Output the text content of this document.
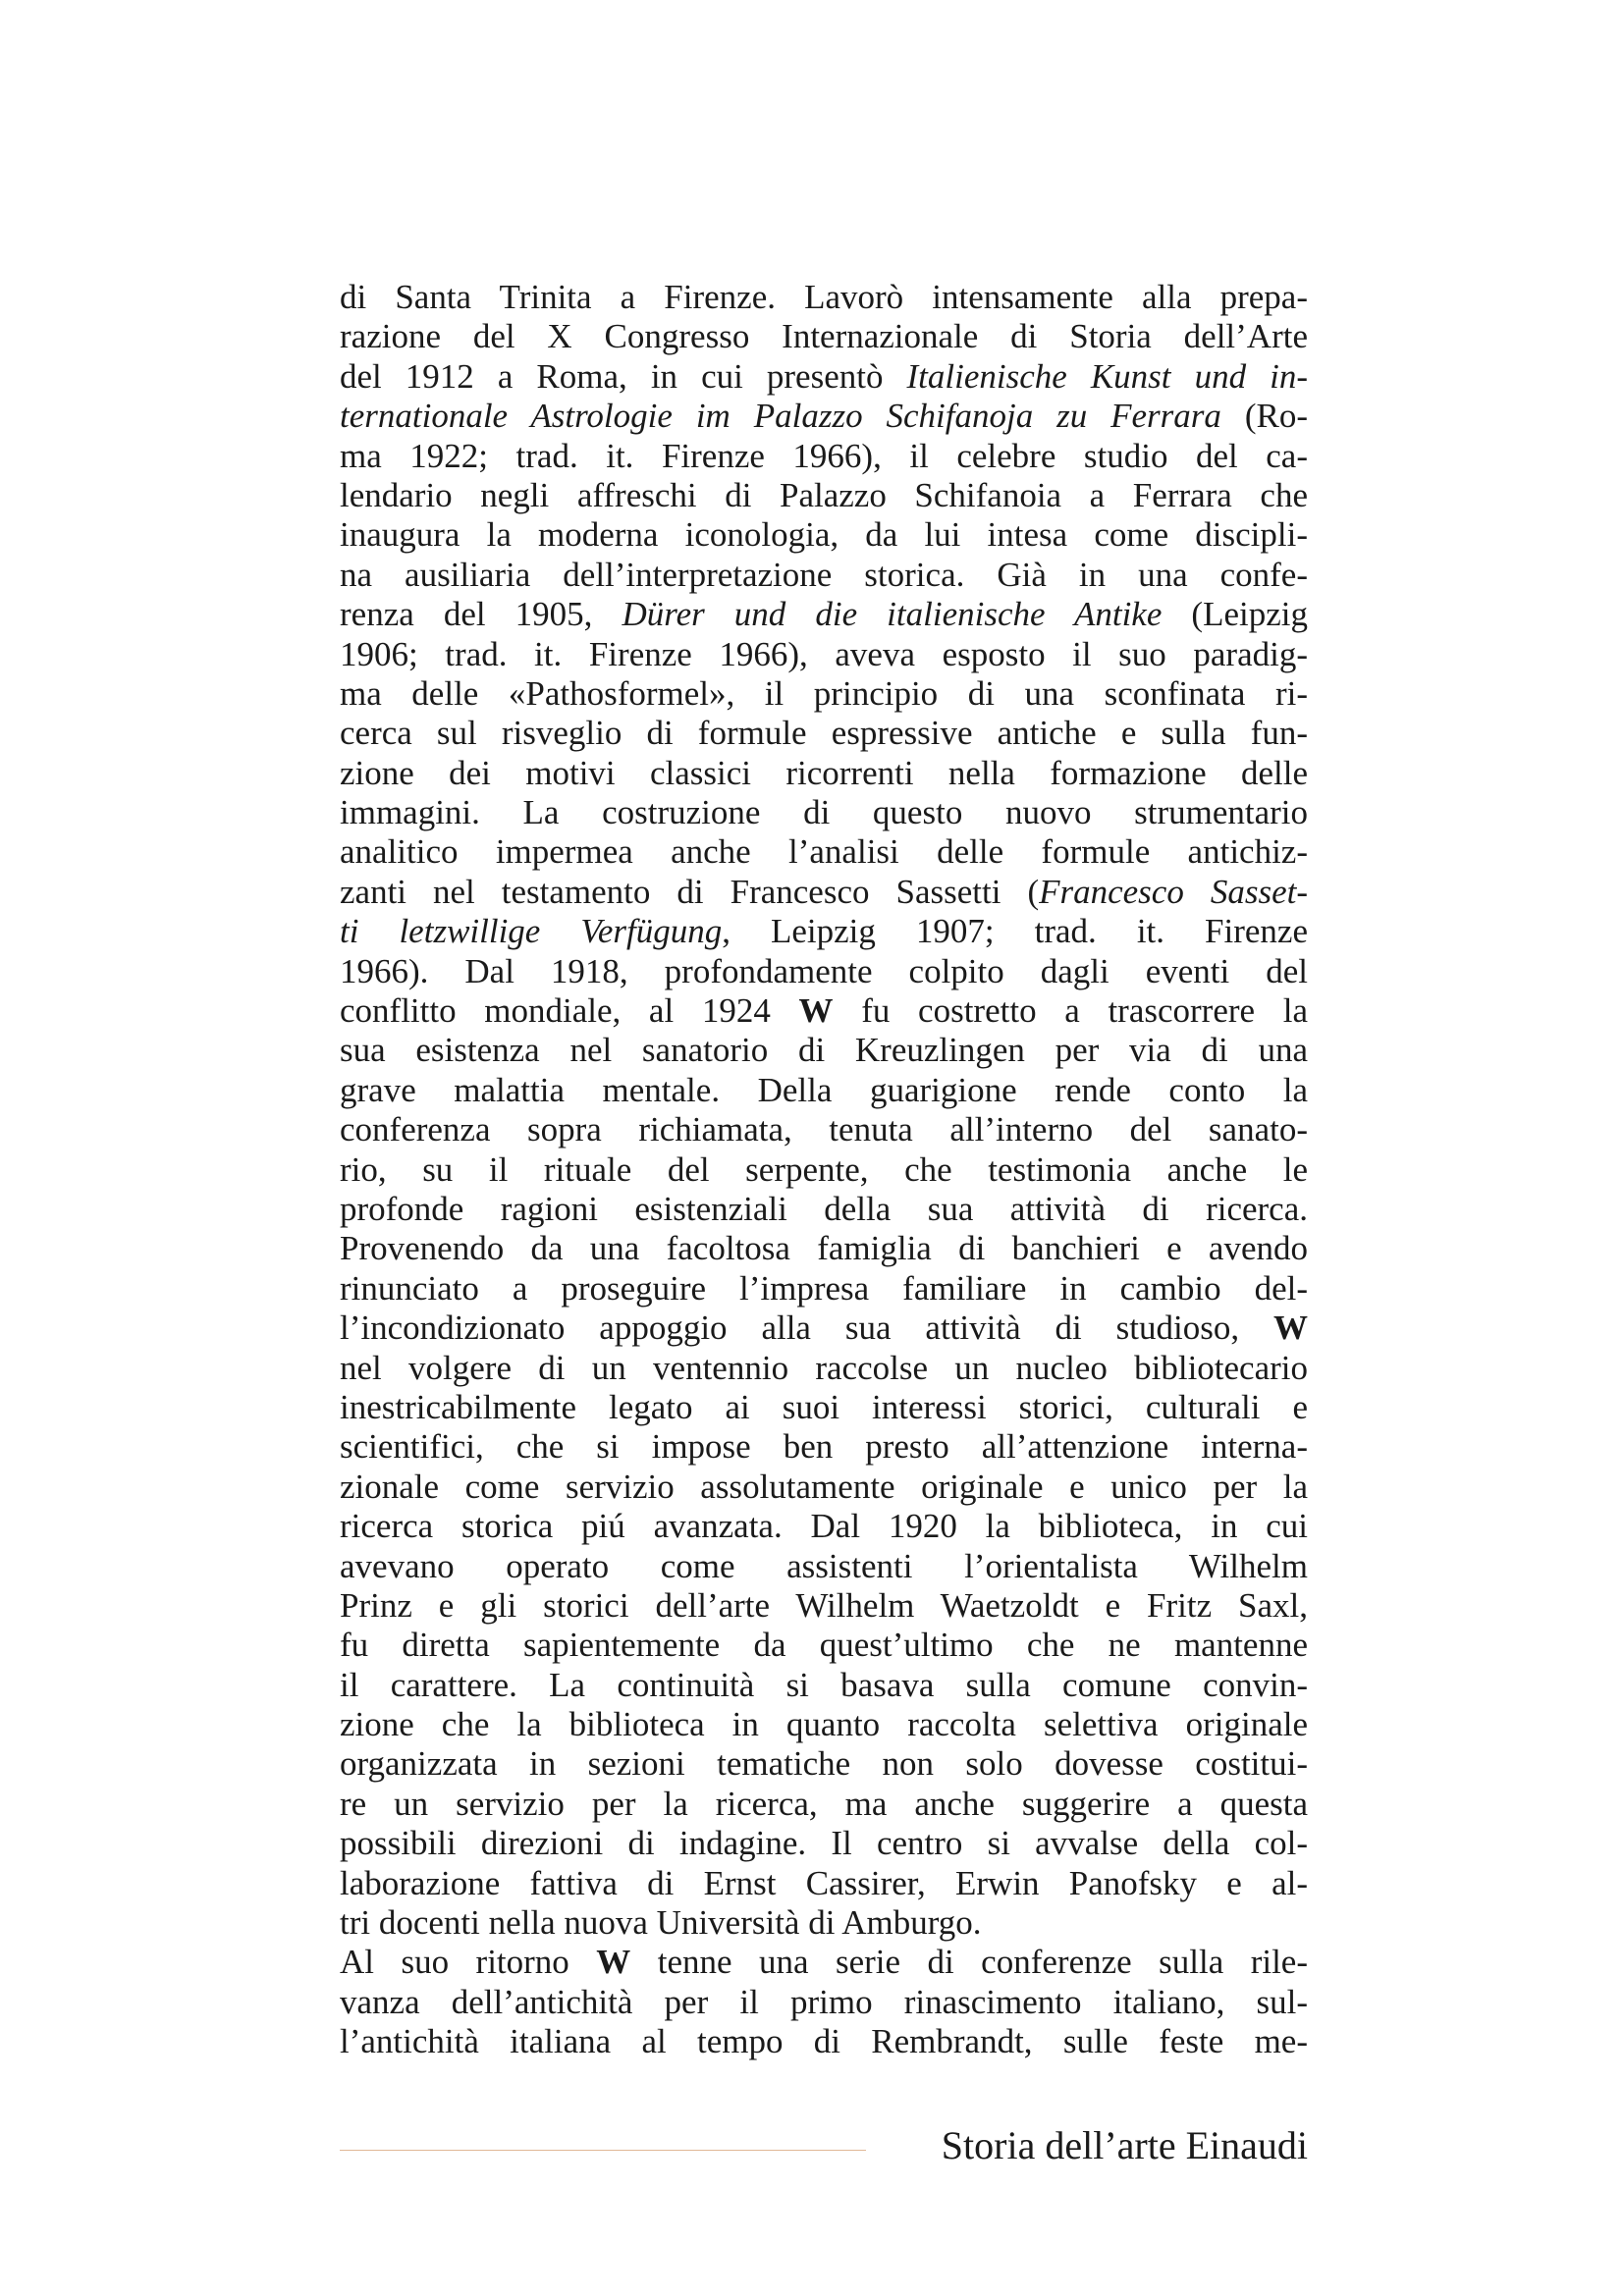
di Santa Trinita a Firenze. Lavorò intensamente alla prepa-
razione del X Congresso Internazionale di Storia dell’Arte
del 1912 a Roma, in cui presentò Italienische Kunst und in-
ternationale Astrologie im Palazzo Schifanoja zu Ferrara (Ro-
ma 1922; trad. it. Firenze 1966), il celebre studio del ca-
lendario negli affreschi di Palazzo Schifanoia a Ferrara che
inaugura la moderna iconologia, da lui intesa come discipli-
na ausiliaria dell’interpretazione storica. Già in una confe-
renza del 1905, Dürer und die italienische Antike (Leipzig
1906; trad. it. Firenze 1966), aveva esposto il suo paradig-
ma delle «Pathosformel», il principio di una sconfinata ri-
cerca sul risveglio di formule espressive antiche e sulla fun-
zione dei motivi classici ricorrenti nella formazione delle
immagini. La costruzione di questo nuovo strumentario
analitico impermea anche l’analisi delle formule antichiz-
zanti nel testamento di Francesco Sassetti (Francesco Sasset-
ti letzwillige Verfügung, Leipzig 1907; trad. it. Firenze
1966). Dal 1918, profondamente colpito dagli eventi del
conflitto mondiale, al 1924 W fu costretto a trascorrere la
sua esistenza nel sanatorio di Kreuzlingen per via di una
grave malattia mentale. Della guarigione rende conto la
conferenza sopra richiamata, tenuta all’interno del sanato-
rio, su il rituale del serpente, che testimonia anche le
profonde ragioni esistenziali della sua attività di ricerca.
Provenendo da una facoltosa famiglia di banchieri e avendo
rinunciato a proseguire l’impresa familiare in cambio del-
l’incondizionato appoggio alla sua attività di studioso, W
nel volgere di un ventennio raccolse un nucleo bibliotecario
inestricabilmente legato ai suoi interessi storici, culturali e
scientifici, che si impose ben presto all’attenzione interna-
zionale come servizio assolutamente originale e unico per la
ricerca storica piú avanzata. Dal 1920 la biblioteca, in cui
avevano operato come assistenti l’orientalista Wilhelm
Prinz e gli storici dell’arte Wilhelm Waetzoldt e Fritz Saxl,
fu diretta sapientemente da quest’ultimo che ne mantenne
il carattere. La continuità si basava sulla comune convin-
zione che la biblioteca in quanto raccolta selettiva originale
organizzata in sezioni tematiche non solo dovesse costitui-
re un servizio per la ricerca, ma anche suggerire a questa
possibili direzioni di indagine. Il centro si avvalse della col-
laborazione fattiva di Ernst Cassirer, Erwin Panofsky e al-
tri docenti nella nuova Università di Amburgo.
Al suo ritorno W tenne una serie di conferenze sulla rile-
vanza dell’antichità per il primo rinascimento italiano, sul-
l’antichità italiana al tempo di Rembrandt, sulle feste me-
Storia dell’arte Einaudi
